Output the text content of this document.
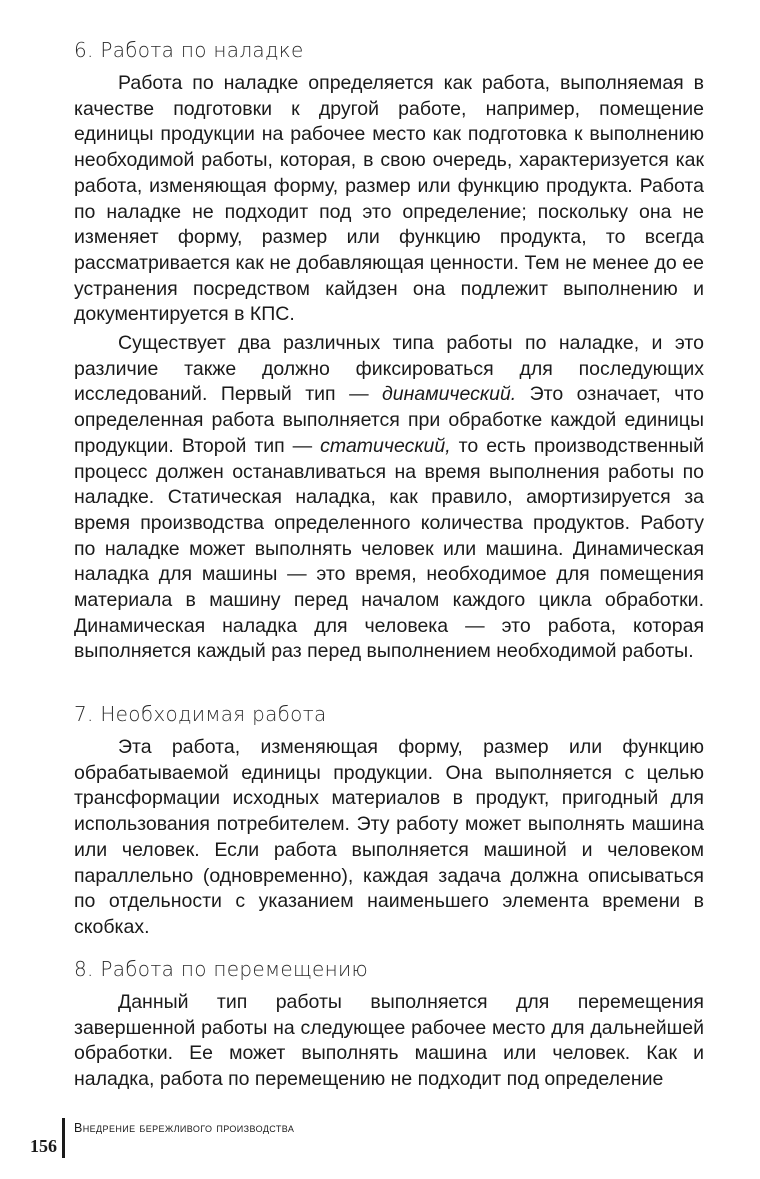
6. Работа по наладке

Работа по наладке определяется как работа, выполняемая в качестве подготовки к другой работе, например, помещение единицы продукции на рабочее место как подготовка к выполнению необходимой работы, которая, в свою очередь, характеризуется как работа, изменяющая форму, размер или функцию продукта. Работа по наладке не подходит под это определение; поскольку она не изменяет форму, размер или функцию продукта, то всегда рассматривается как не добавляющая ценности. Тем не менее до ее устранения посредством кайдзен она подлежит выполнению и документируется в КПС.

Существует два различных типа работы по наладке, и это различие также должно фиксироваться для последующих исследований. Первый тип — динамический. Это означает, что определенная работа выполняется при обработке каждой единицы продукции. Второй тип — статический, то есть производственный процесс должен останавливаться на время выполнения работы по наладке. Статическая наладка, как правило, амортизируется за время производства определенного количества продуктов. Работу по наладке может выполнять человек или машина. Динамическая наладка для машины — это время, необходимое для помещения материала в машину перед началом каждого цикла обработки. Динамическая наладка для человека — это работа, которая выполняется каждый раз перед выполнением необходимой работы.

7. Необходимая работа

Эта работа, изменяющая форму, размер или функцию обрабатываемой единицы продукции. Она выполняется с целью трансформации исходных материалов в продукт, пригодный для использования потребителем. Эту работу может выполнять машина или человек. Если работа выполняется машиной и человеком параллельно (одновременно), каждая задача должна описываться по отдельности с указанием наименьшего элемента времени в скобках.

8. Работа по перемещению

Данный тип работы выполняется для перемещения завершенной работы на следующее рабочее место для дальнейшей обработки. Ее может выполнять машина или человек. Как и наладка, работа по перемещению не подходит под определение

156
Внедрение бережливого производства
